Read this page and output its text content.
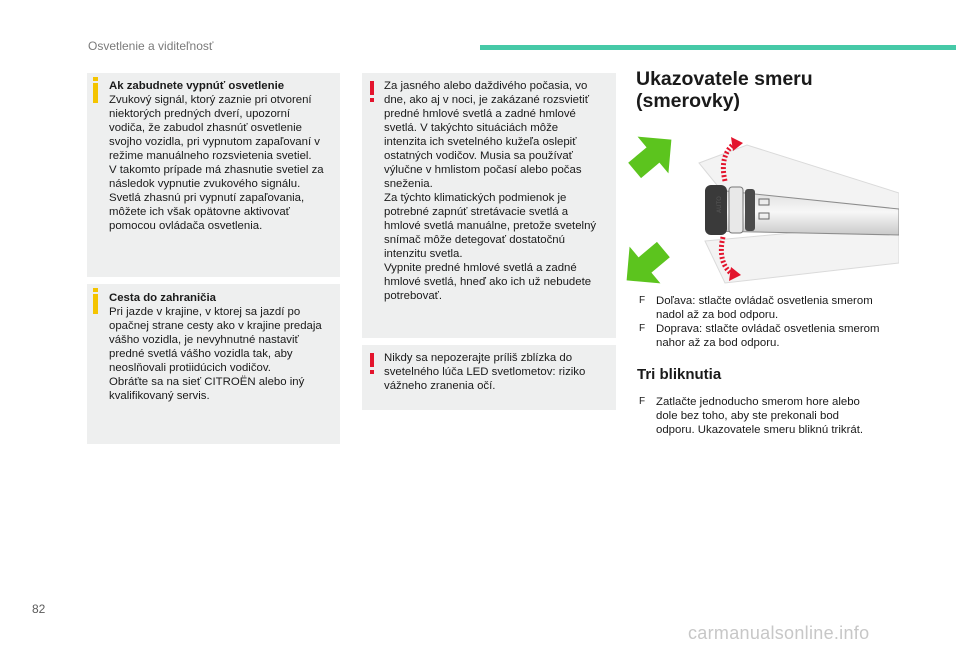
Osvetlenie a viditeľnosť
Ak zabudnete vypnúť osvetlenie
Zvukový signál, ktorý zaznie pri otvorení
niektorých predných dverí, upozorní
vodiča, že zabudol zhasnúť osvetlenie
svojho vozidla, pri vypnutom zapaľovaní v
režime manuálneho rozsvietenia svetiel.
V takomto prípade má zhasnutie svetiel za
následok vypnutie zvukového signálu.
Svetlá zhasnú pri vypnutí zapaľovania,
môžete ich však opätovne aktivovať
pomocou ovládača osvetlenia.
Cesta do zahraničia
Pri jazde v krajine, v ktorej sa jazdí po
opačnej strane cesty ako v krajine predaja
vášho vozidla, je nevyhnutné nastaviť
predné svetlá vášho vozidla tak, aby
neoslňovali protiidúcich vodičov.
Obráťte sa na sieť CITROËN alebo iný
kvalifikovaný servis.
Za jasného alebo daždivého počasia, vo
dne, ako aj v noci, je zakázané rozsvietiť
predné hmlové svetlá a zadné hmlové
svetlá. V takýchto situáciách môže
intenzita ich svetelného kužeľa oslepiť
ostatných vodičov. Musia sa používať
výlučne v hmlistom počasí alebo počas
sneženia.
Za týchto klimatických podmienok je
potrebné zapnúť stretávacie svetlá a
hmlové svetlá manuálne, pretože svetelný
snímač môže detegovať dostatočnú
intenzitu svetla.
Vypnite predné hmlové svetlá a zadné
hmlové svetlá, hneď ako ich už nebudete
potrebovať.
Nikdy sa nepozerajte príliš zblízka do
svetelného lúča LED svetlometov: riziko
vážneho zranenia očí.
Ukazovatele smeru
(smerovky)
AUTO
F Doľava: stlačte ovládač osvetlenia smerom
nadol až za bod odporu.
F Doprava: stlačte ovládač osvetlenia smerom
nahor až za bod odporu.
Tri bliknutia
F Zatlačte jednoducho smerom hore alebo
dole bez toho, aby ste prekonali bod
odporu. Ukazovatele smeru bliknú trikrát.
82
carmanualsonline.info
